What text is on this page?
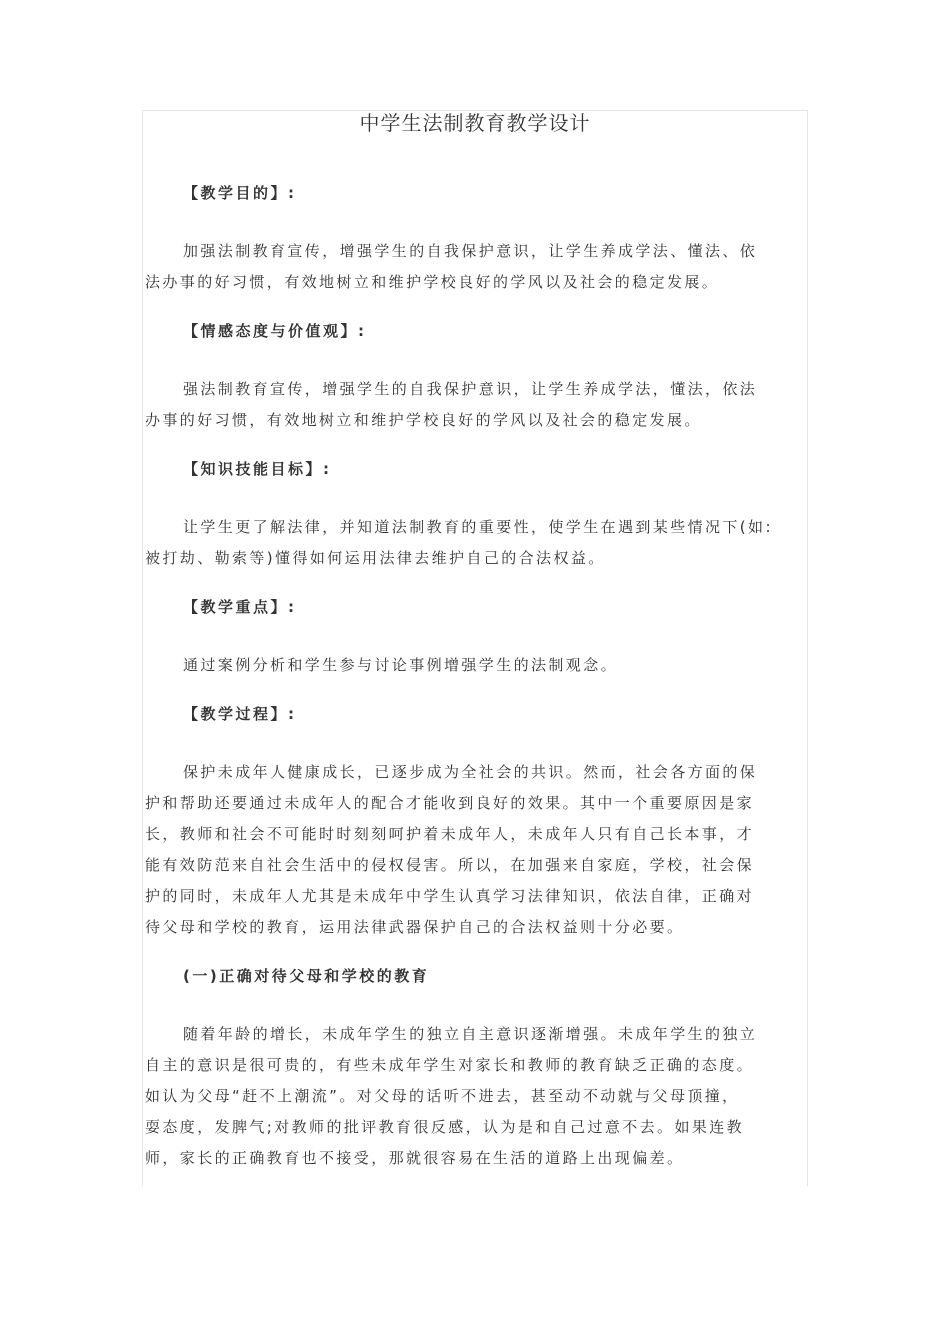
中学生法制教育教学设计
【教学目的】:
加强法制教育宣传，增强学生的自我保护意识，让学生养成学法、懂法、依
法办事的好习惯，有效地树立和维护学校良好的学风以及社会的稳定发展。
【情感态度与价值观】:
强法制教育宣传，增强学生的自我保护意识，让学生养成学法，懂法，依法
办事的好习惯，有效地树立和维护学校良好的学风以及社会的稳定发展。
【知识技能目标】:
让学生更了解法律，并知道法制教育的重要性，使学生在遇到某些情况下(如:
被打劫、勒索等)懂得如何运用法律去维护自己的合法权益。
【教学重点】:
通过案例分析和学生参与讨论事例增强学生的法制观念。
【教学过程】:
保护未成年人健康成长，已逐步成为全社会的共识。然而，社会各方面的保
护和帮助还要通过未成年人的配合才能收到良好的效果。其中一个重要原因是家
长，教师和社会不可能时时刻刻呵护着未成年人，未成年人只有自己长本事，才
能有效防范来自社会生活中的侵权侵害。所以，在加强来自家庭，学校，社会保
护的同时，未成年人尤其是未成年中学生认真学习法律知识，依法自律，正确对
待父母和学校的教育，运用法律武器保护自己的合法权益则十分必要。
(一)正确对待父母和学校的教育
随着年龄的增长，未成年学生的独立自主意识逐渐增强。未成年学生的独立
自主的意识是很可贵的，有些未成年学生对家长和教师的教育缺乏正确的态度。
如认为父母“赶不上潮流”。对父母的话听不进去，甚至动不动就与父母顶撞，
耍态度，发脾气;对教师的批评教育很反感，认为是和自己过意不去。如果连教
师，家长的正确教育也不接受，那就很容易在生活的道路上出现偏差。
